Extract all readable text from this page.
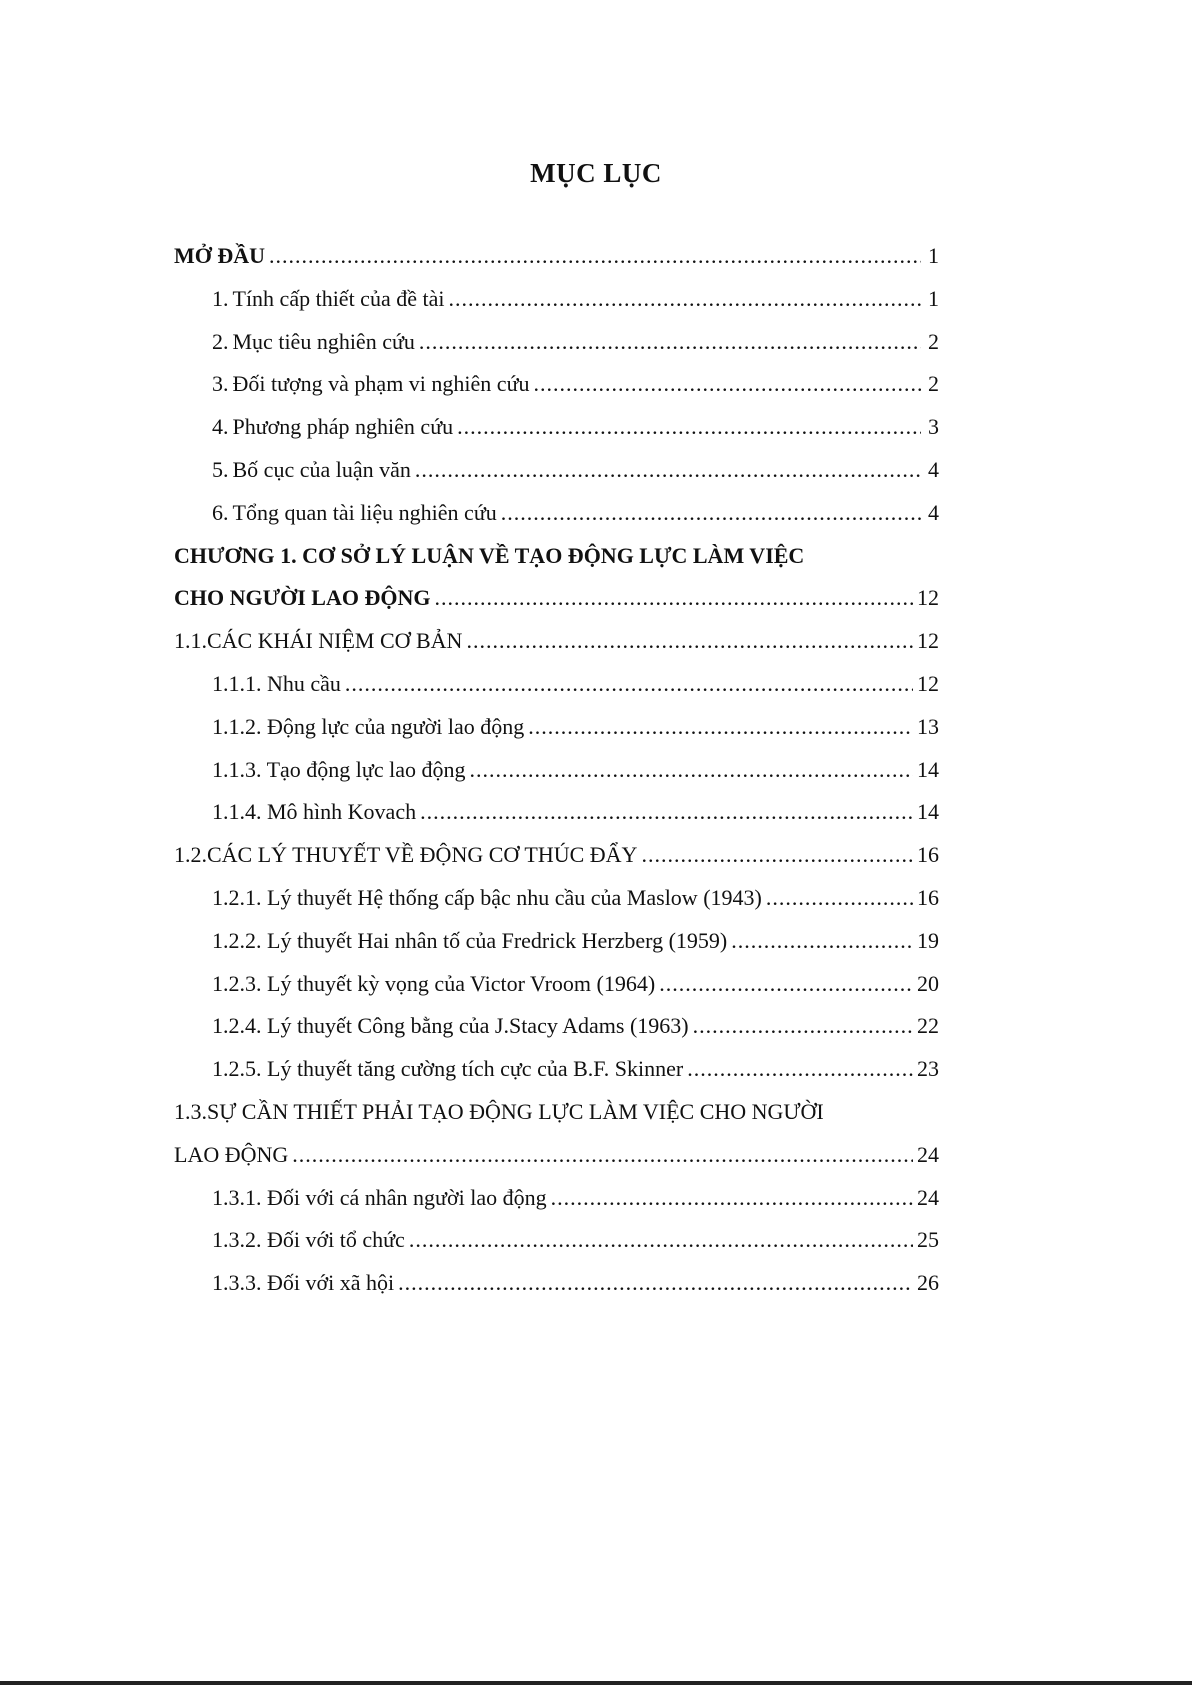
MỤC LỤC
MỞ ĐẦU .....	1
1. Tính cấp thiết của đề tài .....	1
2. Mục tiêu nghiên cứu .....	2
3. Đối tượng và phạm vi nghiên cứu .....	2
4. Phương pháp nghiên cứu .....	3
5. Bố cục của luận văn .....	4
6. Tổng quan tài liệu nghiên cứu .....	4
CHƯƠNG 1. CƠ SỞ LÝ LUẬN VỀ TẠO ĐỘNG LỰC LÀM VIỆC
CHO NGƯỜI LAO ĐỘNG .....	12
1.1.CÁC KHÁI NIỆM CƠ BẢN .....	12
1.1.1. Nhu cầu .....	12
1.1.2. Động lực của người lao động .....	13
1.1.3. Tạo động lực lao động .....	14
1.1.4. Mô hình Kovach .....	14
1.2.CÁC LÝ THUYẾT VỀ ĐỘNG CƠ THÚC ĐẨY .....	16
1.2.1. Lý thuyết Hệ thống cấp bậc nhu cầu của Maslow (1943) .....	16
1.2.2. Lý thuyết Hai nhân tố của Fredrick Herzberg (1959) .....	19
1.2.3. Lý thuyết kỳ vọng của Victor Vroom (1964) .....	20
1.2.4. Lý thuyết Công bằng của J.Stacy Adams (1963) .....	22
1.2.5. Lý thuyết tăng cường tích cực của B.F. Skinner .....	23
1.3.SỰ CẦN THIẾT PHẢI TẠO ĐỘNG LỰC LÀM VIỆC CHO NGƯỜI
LAO ĐỘNG .....	24
1.3.1. Đối với cá nhân người lao động .....	24
1.3.2. Đối với tổ chức .....	25
1.3.3. Đối với xã hội .....	26
